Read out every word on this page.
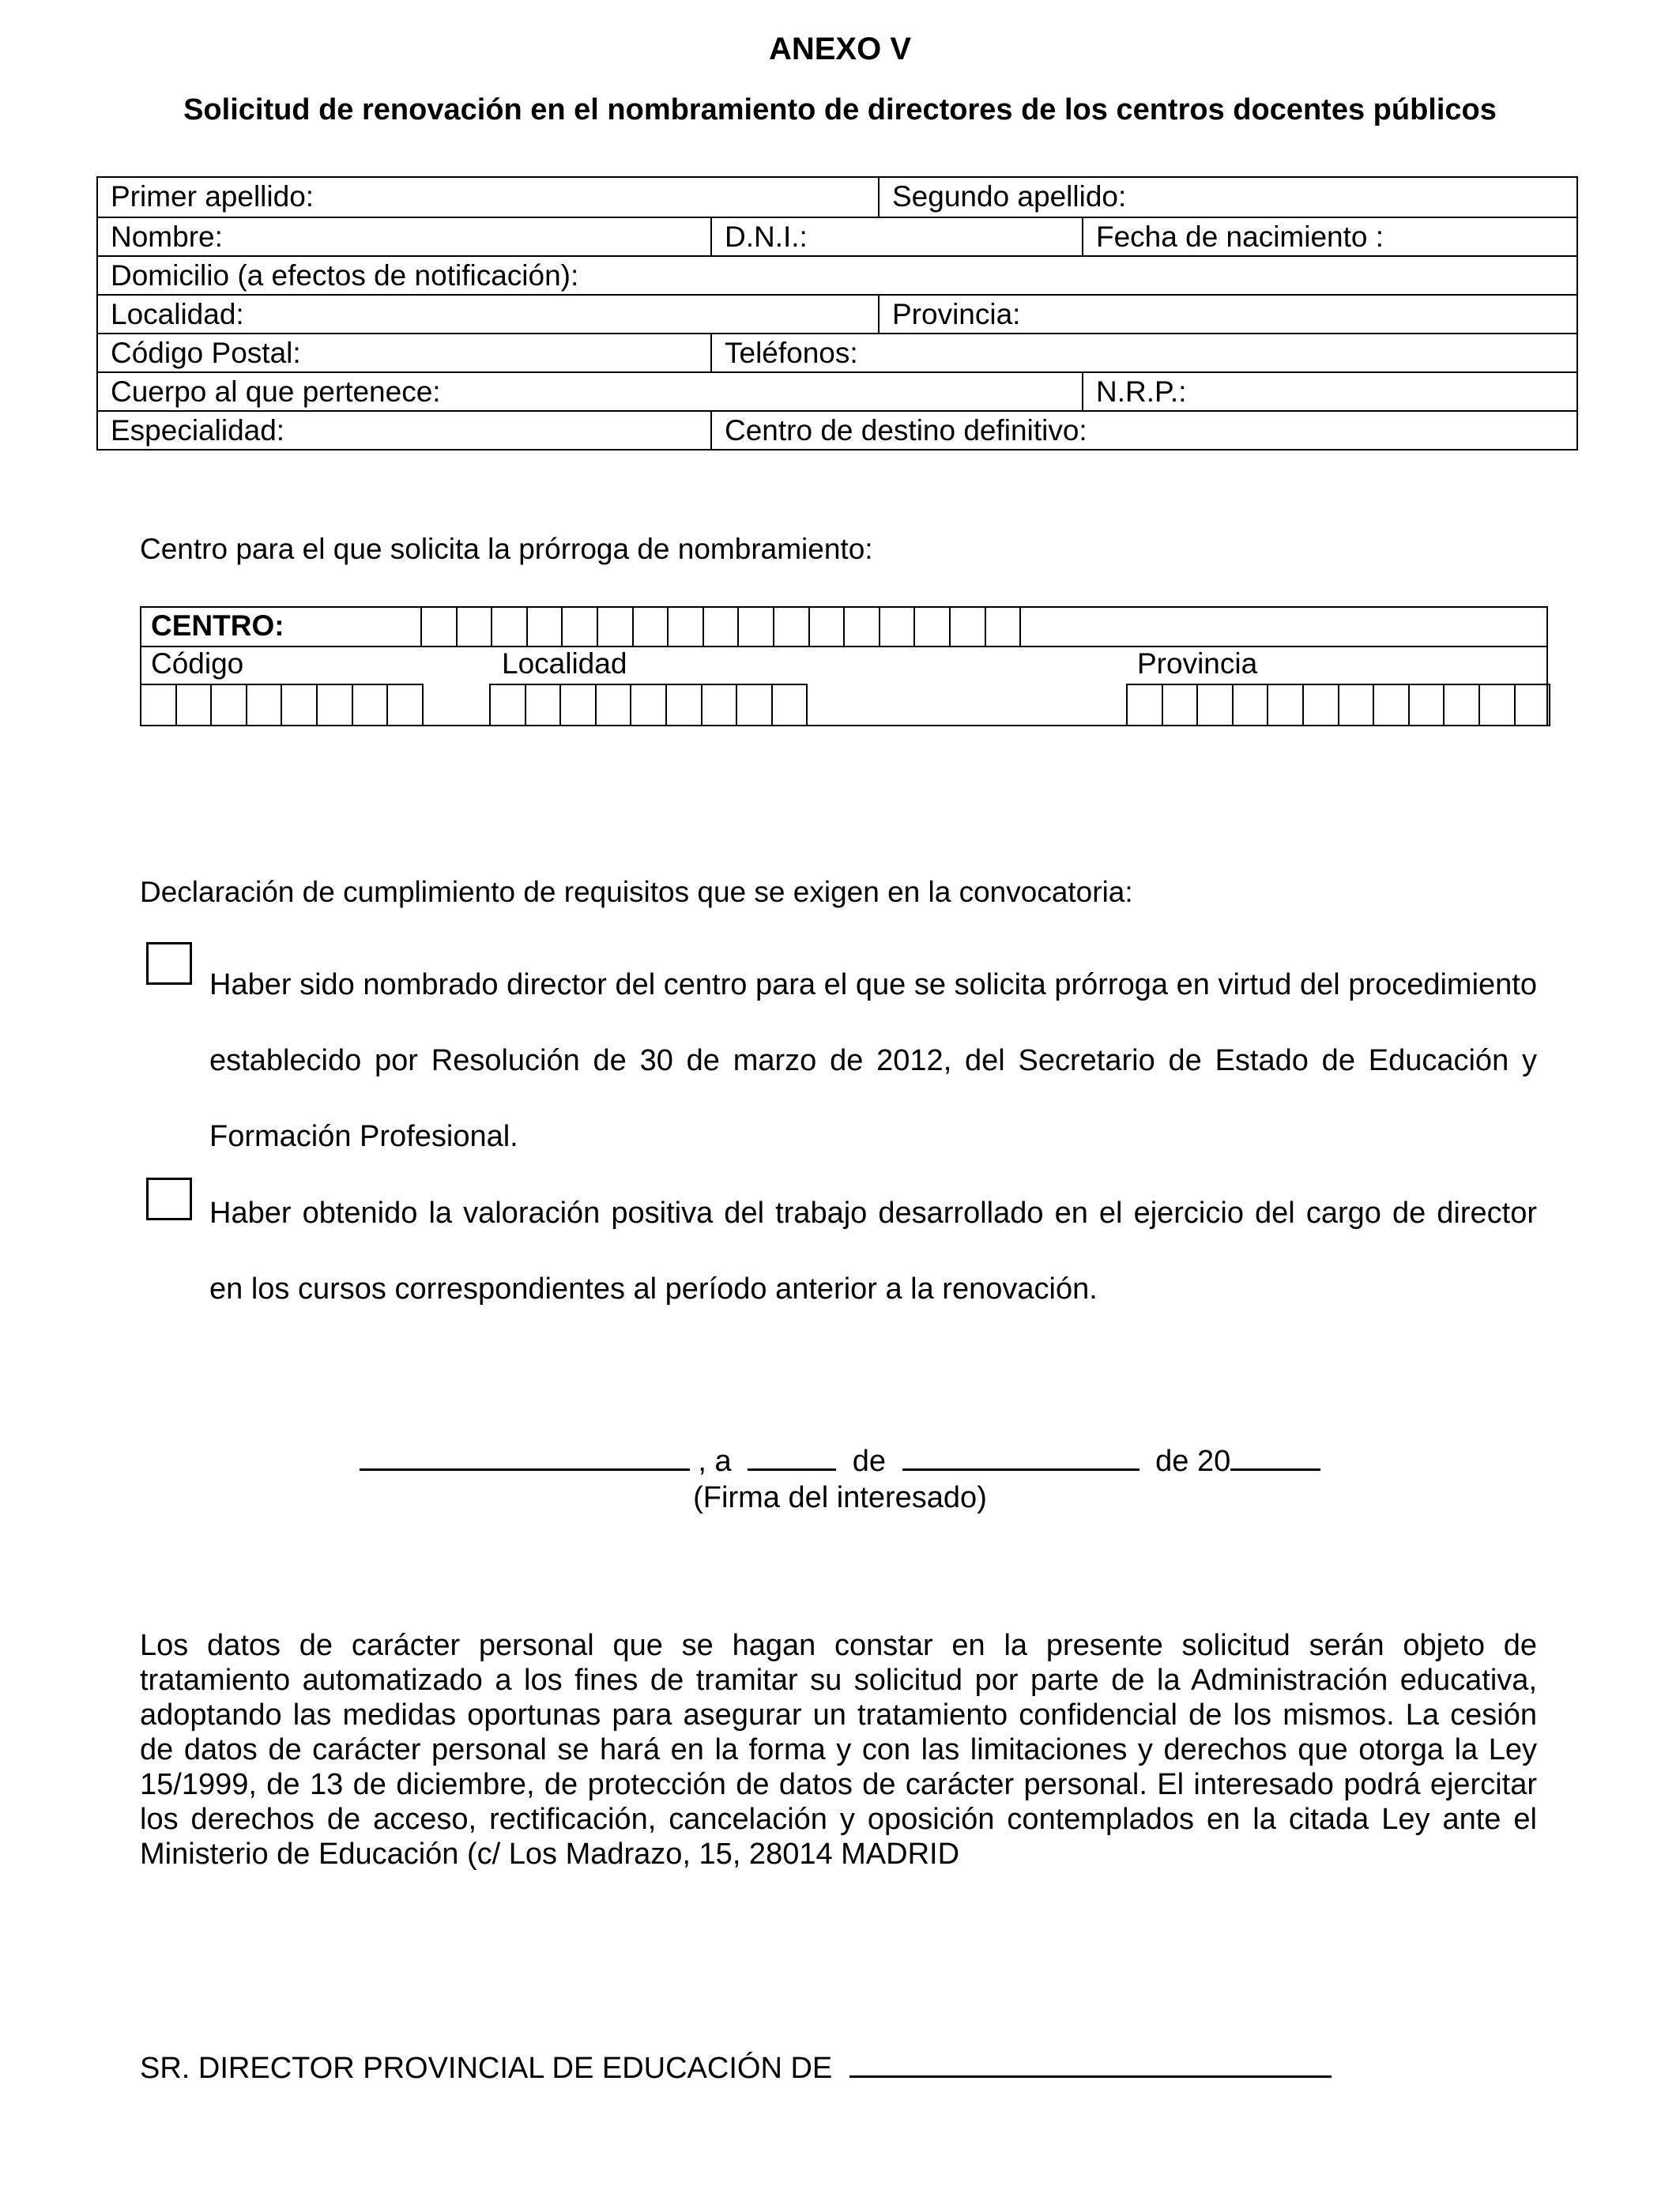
ANEXO V
Solicitud de renovación en el nombramiento de directores de los centros docentes públicos
Primer apellido:	Segundo apellido:
Nombre:	D.N.I.:	Fecha de nacimiento :
Domicilio (a efectos de notificación):
Localidad:	Provincia:
Código Postal:	Teléfonos:
Cuerpo al que pertenece:	N.R.P.:
Especialidad:	Centro de destino definitivo:
Centro para el que solicita la prórroga de nombramiento:
CENTRO:
Código	Localidad	Provincia
Declaración de cumplimiento de requisitos que se exigen en la convocatoria:
Haber sido nombrado director del centro para el que se solicita prórroga en virtud del procedimiento establecido por Resolución de 30 de marzo de 2012, del Secretario de Estado de Educación y Formación Profesional.
Haber obtenido la valoración positiva del trabajo desarrollado en el ejercicio del cargo de director en los cursos correspondientes al período anterior a la renovación.
, a	de	de 20
(Firma del interesado)
Los datos de carácter personal que se hagan constar en la presente solicitud serán objeto de tratamiento automatizado a los fines de tramitar su solicitud por parte de la Administración educativa, adoptando las medidas oportunas para asegurar un tratamiento confidencial de los mismos. La cesión de datos de carácter personal se hará en la forma y con las limitaciones y derechos que otorga la Ley 15/1999, de 13 de diciembre, de protección de datos de carácter personal. El interesado podrá ejercitar los derechos de acceso, rectificación, cancelación y oposición contemplados en la citada Ley ante el Ministerio de Educación (c/ Los Madrazo, 15, 28014 MADRID
SR. DIRECTOR PROVINCIAL DE EDUCACIÓN DE
